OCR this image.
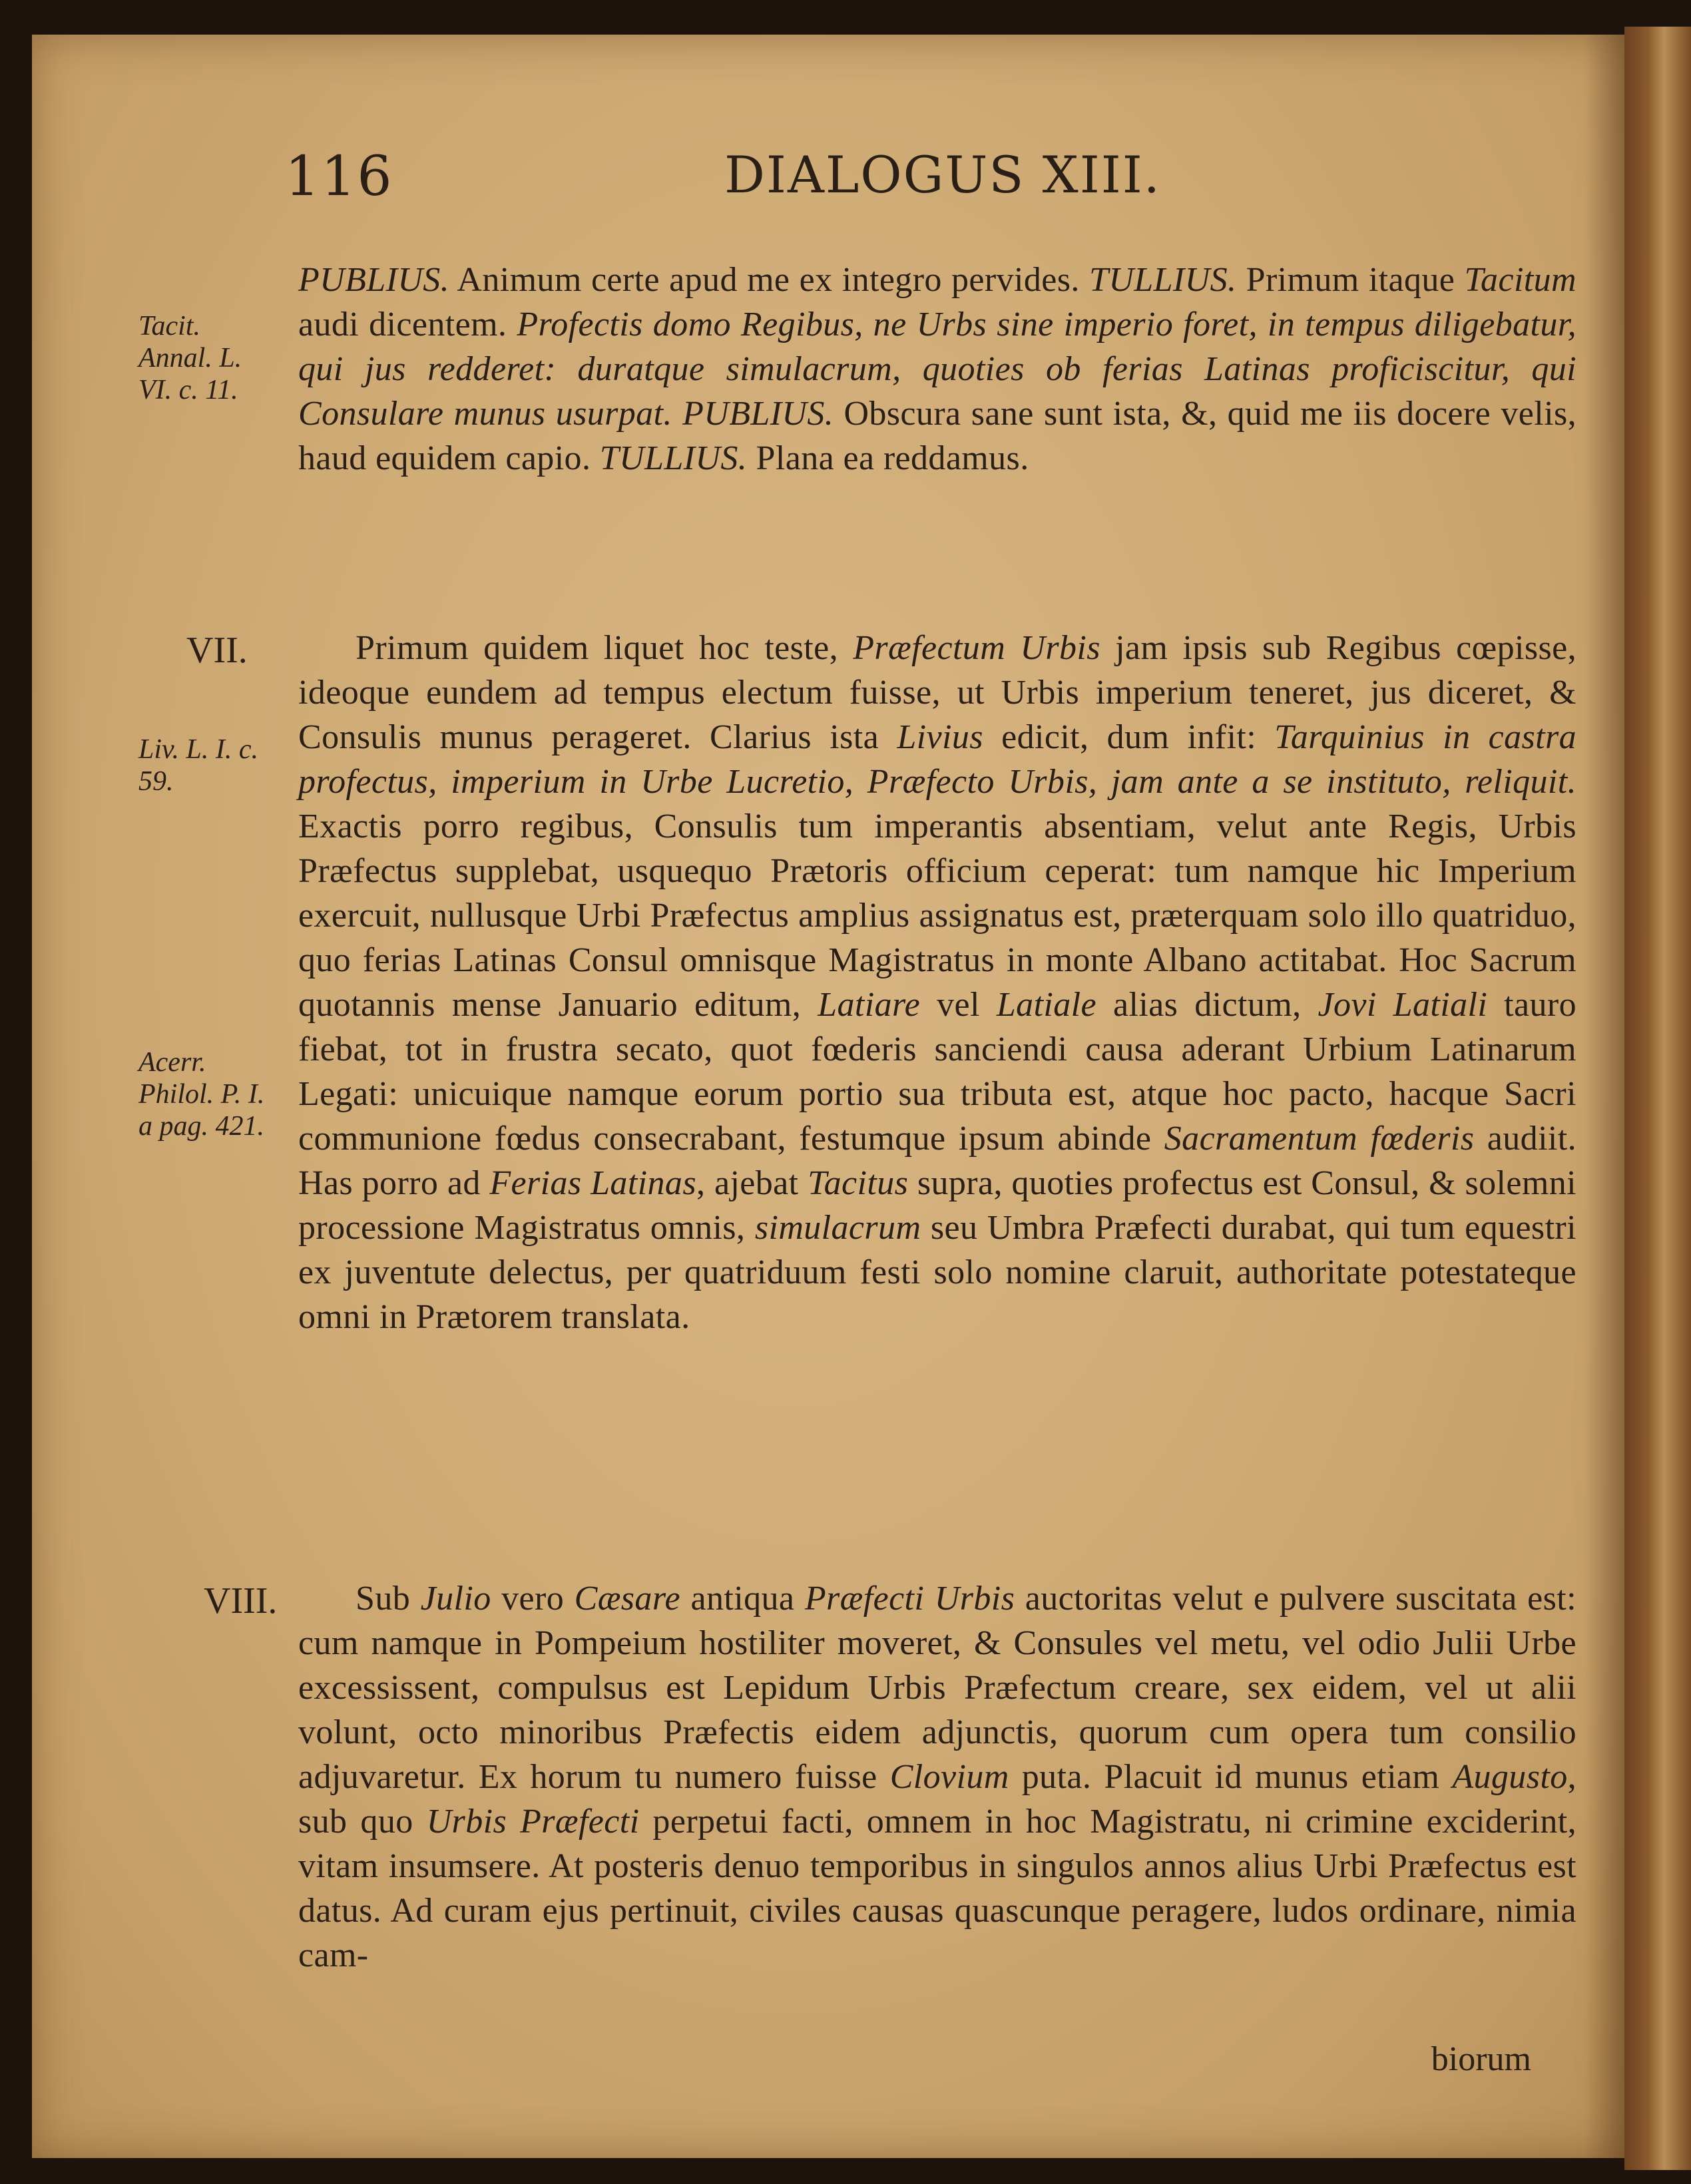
116	DIALOGUS XIII.
Tacit. Annal. L. VI. c. 11.
Liv. L. I. c. 59.
Acerr. Philol. P. I. a pag. 421.
PUBLIUS. Animum certe apud me ex integro pervides. TULLIUS. Primum itaque Tacitum audi dicentem. Profectis domo Regibus, ne Urbs sine imperio foret, in tempus diligebatur, qui jus redderet: duratque simulacrum, quoties ob ferias Latinas proficiscitur, qui Consulare munus usurpat. PUBLIUS. Obscura sane sunt ista, &, quid me iis docere velis, haud equidem capio. TULLIUS. Plana ea reddamus.
VII.	Primum quidem liquet hoc teste, Præfectum Urbis jam ipsis sub Regibus cœpisse, ideoque eundem ad tempus electum fuisse, ut Urbis imperium teneret, jus diceret, & Consulis munus perageret. Clarius ista Livius edicit, dum infit: Tarquinius in castra profectus, imperium in Urbe Lucretio, Præfecto Urbis, jam ante a se instituto, reliquit. Exactis porro regibus, Consulis tum imperantis absentiam, velut ante Regis, Urbis Præfectus supplebat, usquequo Prætoris officium ceperat: tum namque hic Imperium exercuit, nullusque Urbi Præfectus amplius assignatus est, præterquam solo illo quatriduo, quo ferias Latinas Consul omnisque Magistratus in monte Albano actitabat. Hoc Sacrum quotannis mense Januario editum, Latiare vel Latiale alias dictum, Jovi Latiali tauro fiebat, tot in frustra secato, quot fœderis sanciendi causa aderant Urbium Latinarum Legati: unicuique namque eorum portio sua tributa est, atque hoc pacto, hacque Sacri communione fœdus consecrabant, festumque ipsum abinde Sacramentum fœderis audiit. Has porro ad Ferias Latinas, ajebat Tacitus supra, quoties profectus est Consul, & solemni processione Magistratus omnis, simulacrum seu Umbra Præfecti durabat, qui tum equestri ex juventute delectus, per quatriduum festi solo nomine claruit, authoritate potestateque omni in Prætorem translata.
VIII.	Sub Julio vero Cæsare antiqua Præfecti Urbis auctoritas velut e pulvere suscitata est: cum namque in Pompeium hostiliter moveret, & Consules vel metu, vel odio Julii Urbe excessissent, compulsus est Lepidum Urbis Præfectum creare, sex eidem, vel ut alii volunt, octo minoribus Præfectis eidem adjunctis, quorum cum opera tum consilio adjuvaretur. Ex horum tu numero fuisse Clovium puta. Placuit id munus etiam Augusto, sub quo Urbis Præfecti perpetui facti, omnem in hoc Magistratu, ni crimine exciderint, vitam insumsere. At posteris denuo temporibus in singulos annos alius Urbi Præfectus est datus. Ad curam ejus pertinuit, civiles causas quascunque peragere, ludos ordinare, nimia cam-
biorum
